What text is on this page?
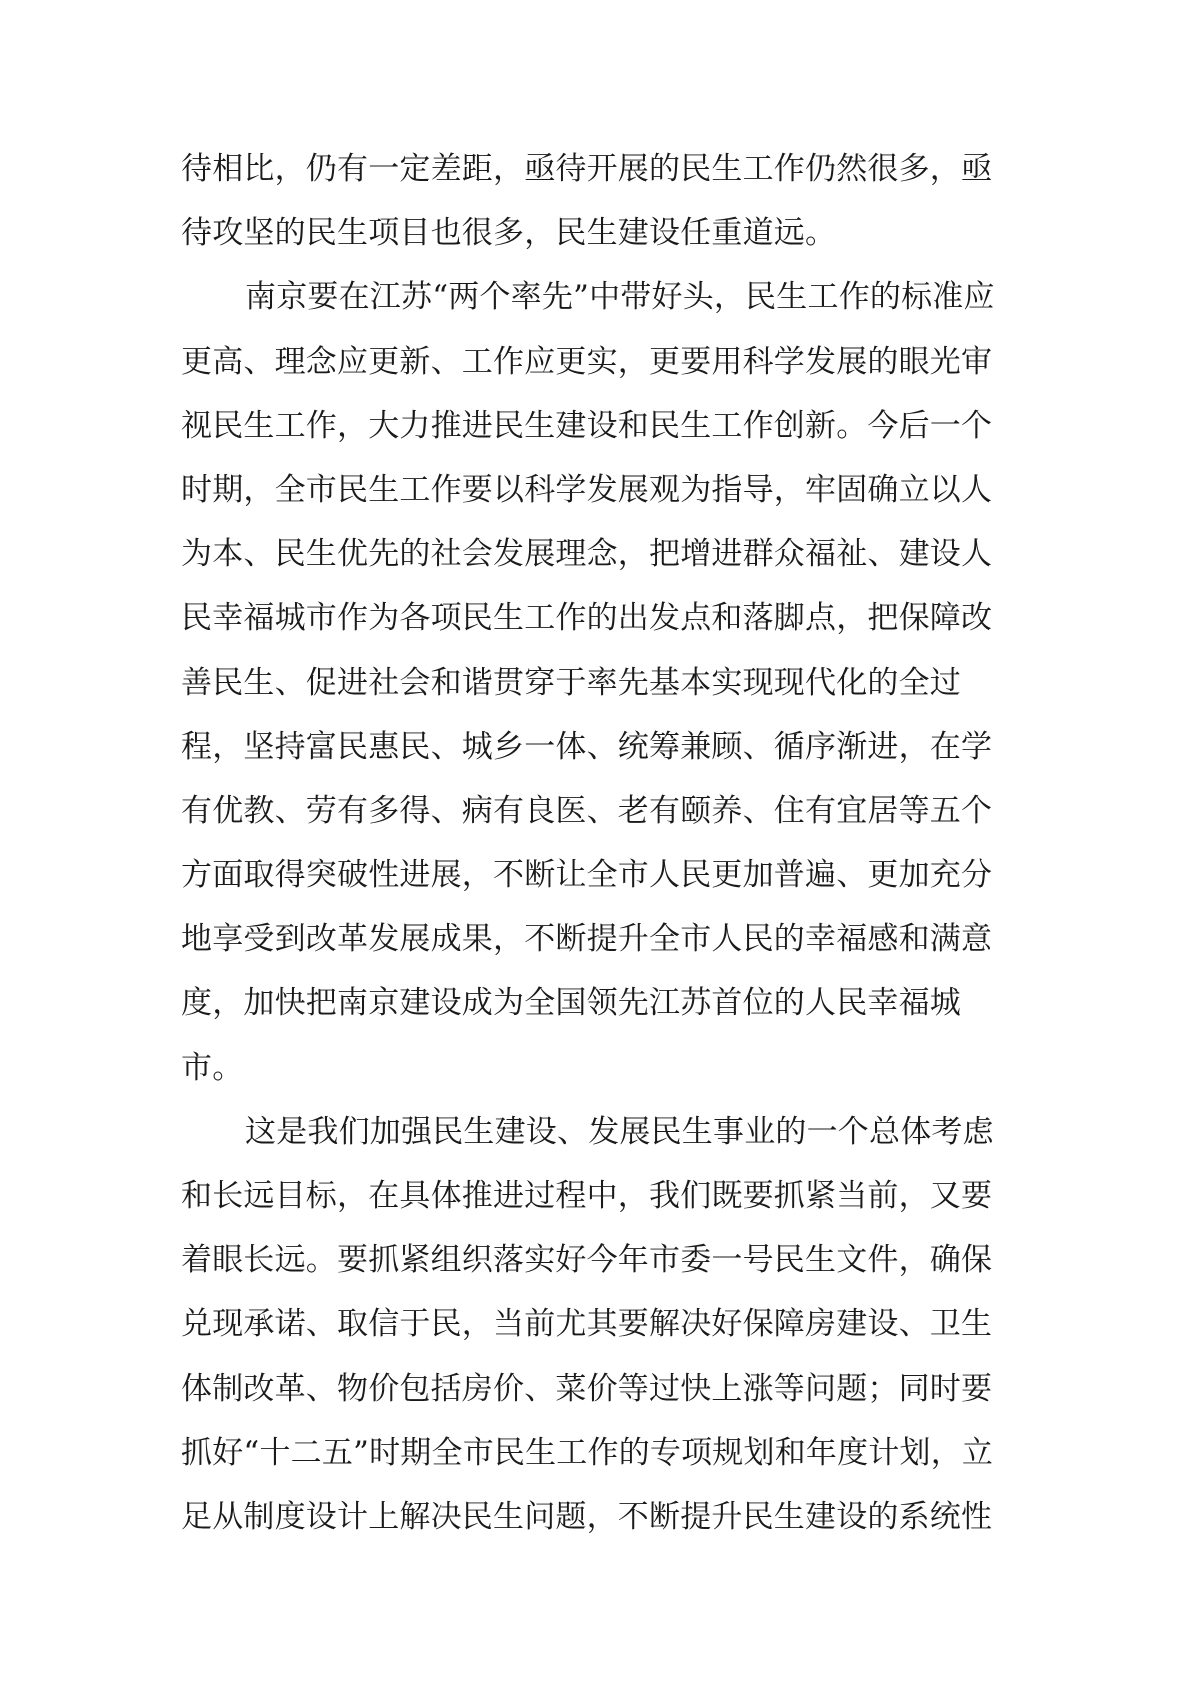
待相比，仍有一定差距，亟待开展的民生工作仍然很多，亟
待攻坚的民生项目也很多，民生建设任重道远。
南京要在江苏“两个率先”中带好头，民生工作的标准应
更高、理念应更新、工作应更实，更要用科学发展的眼光审
视民生工作，大力推进民生建设和民生工作创新。今后一个
时期，全市民生工作要以科学发展观为指导，牢固确立以人
为本、民生优先的社会发展理念，把增进群众福祉、建设人
民幸福城市作为各项民生工作的出发点和落脚点，把保障改
善民生、促进社会和谐贯穿于率先基本实现现代化的全过
程，坚持富民惠民、城乡一体、统筹兼顾、循序渐进，在学
有优教、劳有多得、病有良医、老有颐养、住有宜居等五个
方面取得突破性进展，不断让全市人民更加普遍、更加充分
地享受到改革发展成果，不断提升全市人民的幸福感和满意
度，加快把南京建设成为全国领先江苏首位的人民幸福城
市。
这是我们加强民生建设、发展民生事业的一个总体考虑
和长远目标，在具体推进过程中，我们既要抓紧当前，又要
着眼长远。要抓紧组织落实好今年市委一号民生文件，确保
兑现承诺、取信于民，当前尤其要解决好保障房建设、卫生
体制改革、物价包括房价、菜价等过快上涨等问题；同时要
抓好“十二五”时期全市民生工作的专项规划和年度计划，立
足从制度设计上解决民生问题，不断提升民生建设的系统性
